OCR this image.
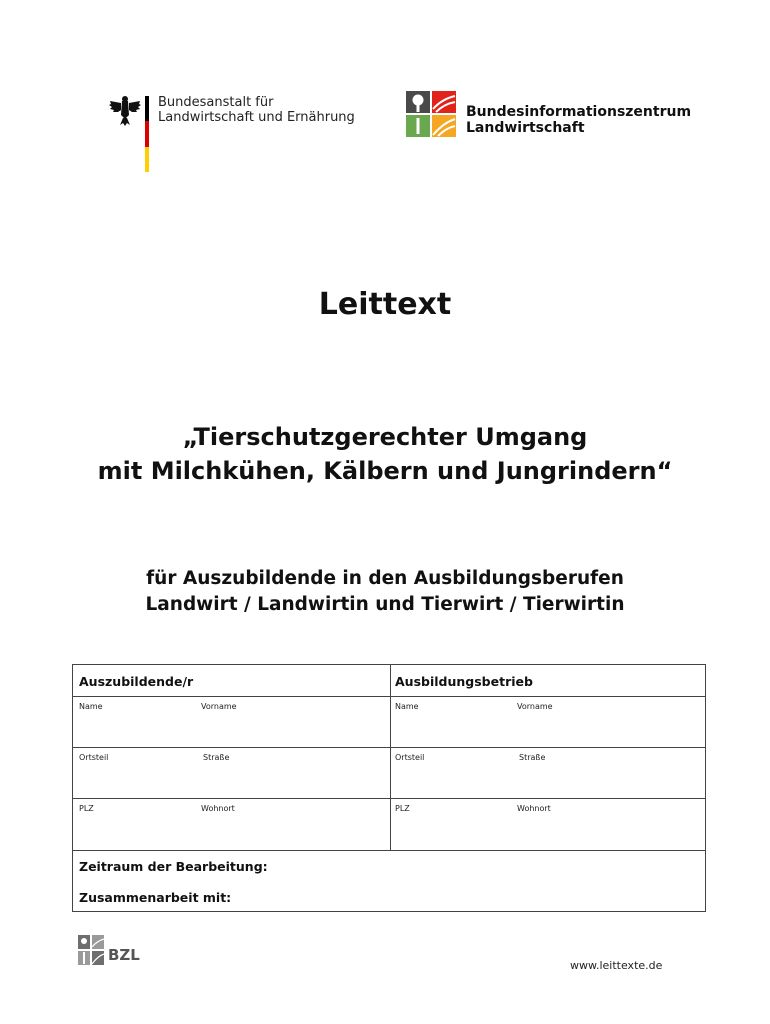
Bundesanstalt für
Landwirtschaft und Ernährung	Bundesinformationszentrum
Landwirtschaft
Leittext
„Tierschutzgerechter Umgang
mit Milchkühen, Kälbern und Jungrindern“
für Auszubildende in den Ausbildungsberufen
Landwirt / Landwirtin und Tierwirt / Tierwirtin
Auszubildende/r	Ausbildungsbetrieb
Name	Vorname	Name	Vorname
Ortsteil	Straße	Ortsteil	Straße
PLZ	Wohnort	PLZ	Wohnort
Zeitraum der Bearbeitung:
Zusammenarbeit mit:
BZL
www.leittexte.de
